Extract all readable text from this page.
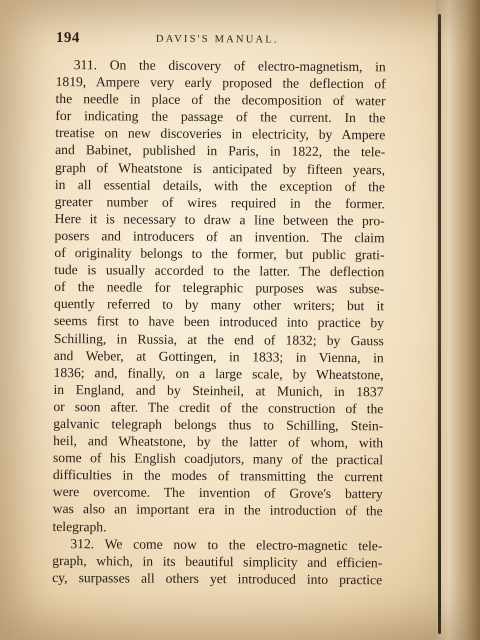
194	DAVIS'S MANUAL.
311. On the discovery of electro-magnetism, in
1819, Ampere very early proposed the deflection of
the needle in place of the decomposition of water
for indicating the passage of the current. In the
treatise on new discoveries in electricity, by Ampere
and Babinet, published in Paris, in 1822, the tele-
graph of Wheatstone is anticipated by fifteen years,
in all essential details, with the exception of the
greater number of wires required in the former.
Here it is necessary to draw a line between the pro-
posers and introducers of an invention. The claim
of originality belongs to the former, but public grati-
tude is usually accorded to the latter. The deflection
of the needle for telegraphic purposes was subse-
quently referred to by many other writers; but it
seems first to have been introduced into practice by
Schilling, in Russia, at the end of 1832; by Gauss
and Weber, at Gottingen, in 1833; in Vienna, in
1836; and, finally, on a large scale, by Wheatstone,
in England, and by Steinheil, at Munich, in 1837
or soon after. The credit of the construction of the
galvanic telegraph belongs thus to Schilling, Stein-
heil, and Wheatstone, by the latter of whom, with
some of his English coadjutors, many of the practical
difficulties in the modes of transmitting the current
were overcome. The invention of Grove's battery
was also an important era in the introduction of the
telegraph.
312. We come now to the electro-magnetic tele-
graph, which, in its beautiful simplicity and efficien-
cy, surpasses all others yet introduced into practice
